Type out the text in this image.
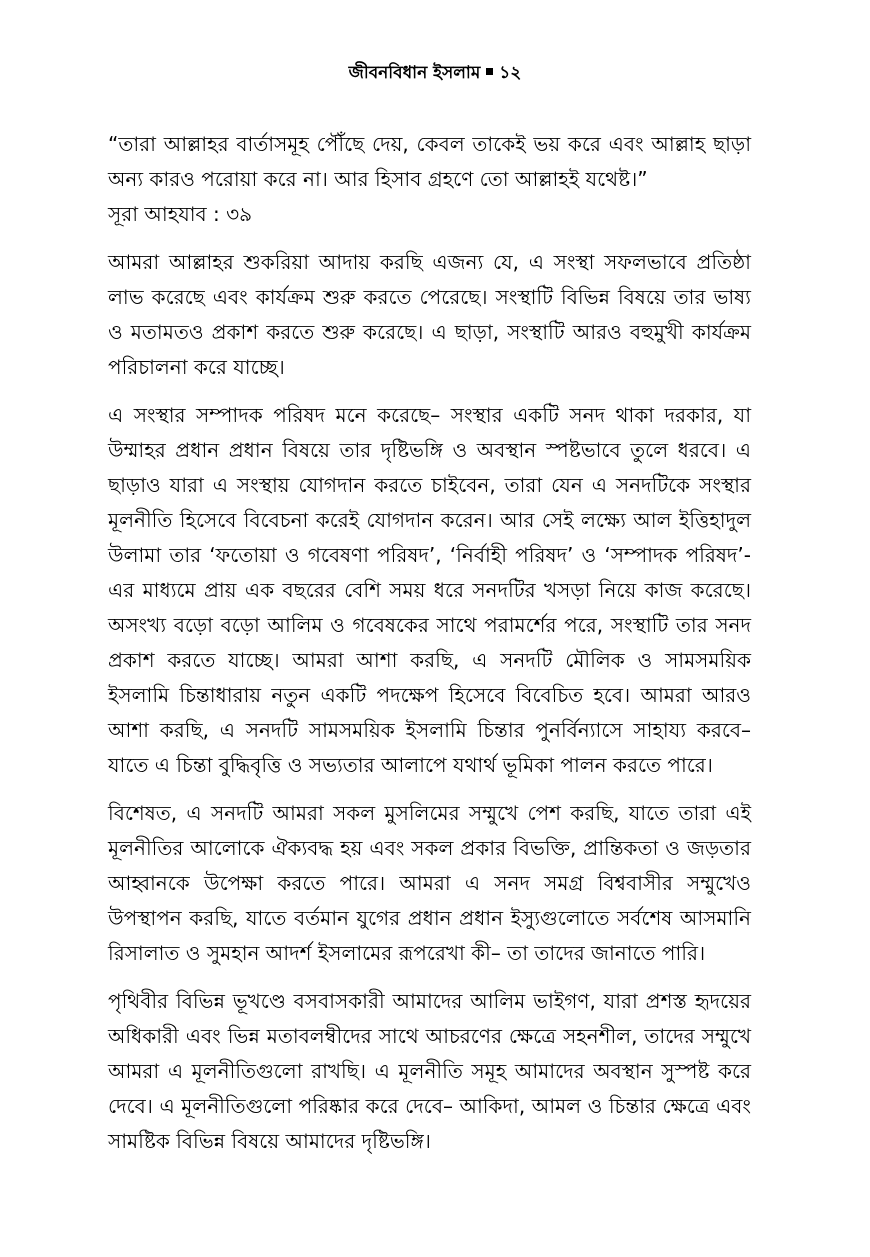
জীবনবিধান ইসলাম ১২

“তারা আল্লাহর বার্তাসমূহ পৌঁছে দেয়, কেবল তাকেই ভয় করে এবং আল্লাহ ছাড়া অন্য কারও পরোয়া করে না। আর হিসাব গ্রহণে তো আল্লাহই যথেষ্ট।”
সূরা আহযাব : ৩৯

আমরা আল্লাহর শুকরিয়া আদায় করছি এজন্য যে, এ সংস্থা সফলভাবে প্রতিষ্ঠা লাভ করেছে এবং কার্যক্রম শুরু করতে পেরেছে। সংস্থাটি বিভিন্ন বিষয়ে তার ভাষ্য ও মতামতও প্রকাশ করতে শুরু করেছে। এ ছাড়া, সংস্থাটি আরও বহুমুখী কার্যক্রম পরিচালনা করে যাচ্ছে।

এ সংস্থার সম্পাদক পরিষদ মনে করেছে– সংস্থার একটি সনদ থাকা দরকার, যা উম্মাহর প্রধান প্রধান বিষয়ে তার দৃষ্টিভঙ্গি ও অবস্থান স্পষ্টভাবে তুলে ধরবে। এ ছাড়াও যারা এ সংস্থায় যোগদান করতে চাইবেন, তারা যেন এ সনদটিকে সংস্থার মূলনীতি হিসেবে বিবেচনা করেই যোগদান করেন। আর সেই লক্ষ্যে আল ইত্তিহাদুল উলামা তার ‘ফতোয়া ও গবেষণা পরিষদ’, ‘নির্বাহী পরিষদ’ ও ‘সম্পাদক পরিষদ’-এর মাধ্যমে প্রায় এক বছরের বেশি সময় ধরে সনদটির খসড়া নিয়ে কাজ করেছে। অসংখ্য বড়ো বড়ো আলিম ও গবেষকের সাথে পরামর্শের পরে, সংস্থাটি তার সনদ প্রকাশ করতে যাচ্ছে। আমরা আশা করছি, এ সনদটি মৌলিক ও সামসময়িক ইসলামি চিন্তাধারায় নতুন একটি পদক্ষেপ হিসেবে বিবেচিত হবে। আমরা আরও আশা করছি, এ সনদটি সামসময়িক ইসলামি চিন্তার পুনর্বিন্যাসে সাহায্য করবে– যাতে এ চিন্তা বুদ্ধিবৃত্তি ও সভ্যতার আলাপে যথার্থ ভূমিকা পালন করতে পারে।

বিশেষত, এ সনদটি আমরা সকল মুসলিমের সম্মুখে পেশ করছি, যাতে তারা এই মূলনীতির আলোকে ঐক্যবদ্ধ হয় এবং সকল প্রকার বিভক্তি, প্রান্তিকতা ও জড়তার আহ্বানকে উপেক্ষা করতে পারে। আমরা এ সনদ সমগ্র বিশ্ববাসীর সম্মুখেও উপস্থাপন করছি, যাতে বর্তমান যুগের প্রধান প্রধান ইস্যুগুলোতে সর্বশেষ আসমানি রিসালাত ও সুমহান আদর্শ ইসলামের রূপরেখা কী– তা তাদের জানাতে পারি।

পৃথিবীর বিভিন্ন ভূখণ্ডে বসবাসকারী আমাদের আলিম ভাইগণ, যারা প্রশস্ত হৃদয়ের অধিকারী এবং ভিন্ন মতাবলম্বীদের সাথে আচরণের ক্ষেত্রে সহনশীল, তাদের সম্মুখে আমরা এ মূলনীতিগুলো রাখছি। এ মূলনীতি সমূহ আমাদের অবস্থান সুস্পষ্ট করে দেবে। এ মূলনীতিগুলো পরিষ্কার করে দেবে– আকিদা, আমল ও চিন্তার ক্ষেত্রে এবং সামষ্টিক বিভিন্ন বিষয়ে আমাদের দৃষ্টিভঙ্গি।
